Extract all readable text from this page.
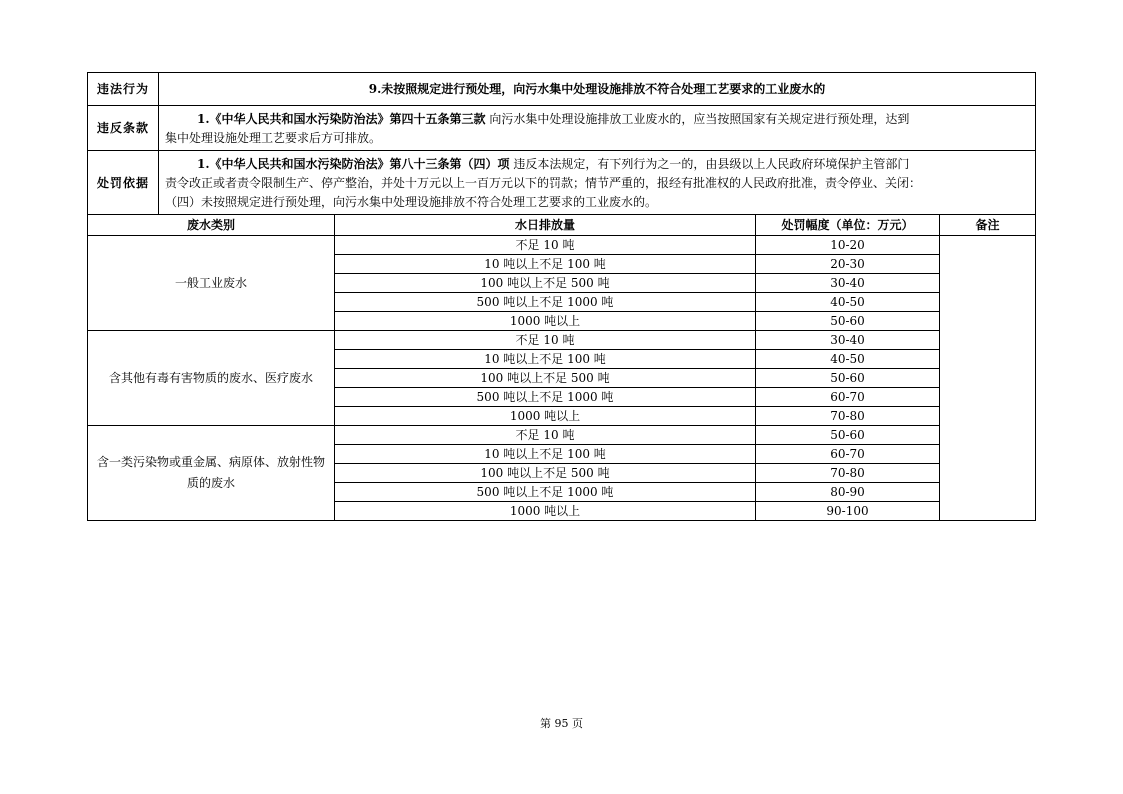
违法行为	9.未按照规定进行预处理，向污水集中处理设施排放不符合处理工艺要求的工业废水的			
违反条款	1.《中华人民共和国水污染防治法》第四十五条第三款 向污水集中处理设施排放工业废水的，应当按照国家有关规定进行预处理，达到
集中处理设施处理工艺要求后方可排放。			

处罚依据	1.《中华人民共和国水污染防治法》第八十三条第（四）项 违反本法规定，有下列行为之一的，由县级以上人民政府环境保护主管部门
责令改正或者责令限制生产、停产整治，并处十万元以上一百万元以下的罚款；情节严重的，报经有批准权的人民政府批准，责令停业、关闭：
（四）未按照规定进行预处理，向污水集中处理设施排放不符合处理工艺要求的工业废水的。			

废水类别		水日排放量	处罚幅度（单位：万元）	备注
一般工业废水		不足 10 吨	10-20	
		10 吨以上不足 100 吨	20-30	
		100 吨以上不足 500 吨	30-40	
		500 吨以上不足 1000 吨	40-50	
		1000 吨以上	50-60	
含其他有毒有害物质的废水、医疗废水		不足 10 吨	30-40	
		10 吨以上不足 100 吨	40-50	
		100 吨以上不足 500 吨	50-60	
		500 吨以上不足 1000 吨	60-70	
		1000 吨以上	70-80	
含一类污染物或重金属、病原体、放射性物质的废水		不足 10 吨	50-60	
		10 吨以上不足 100 吨	60-70	
		100 吨以上不足 500 吨	70-80	
		500 吨以上不足 1000 吨	80-90	
		1000 吨以上	90-100	
第 95 页
